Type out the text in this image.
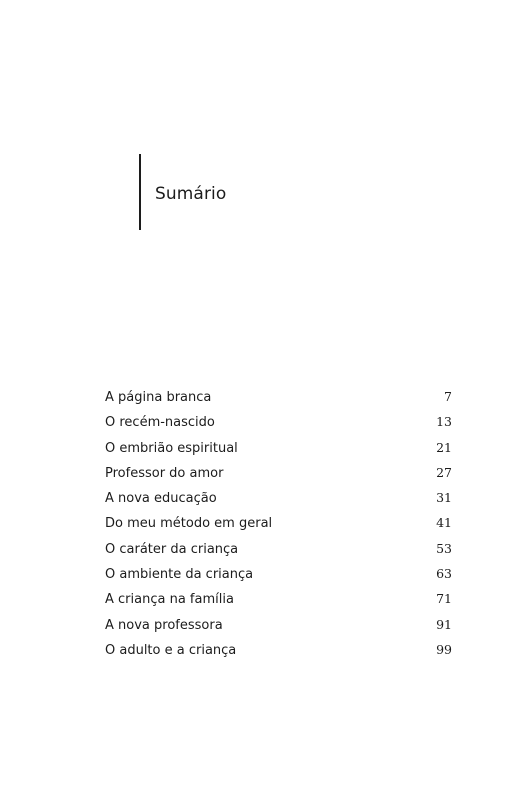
Sumário
A página branca	7
O recém-nascido	13
O embrião espiritual	21
Professor do amor	27
A nova educação	31
Do meu método em geral	41
O caráter da criança	53
O ambiente da criança	63
A criança na família	71
A nova professora	91
O adulto e a criança	99
